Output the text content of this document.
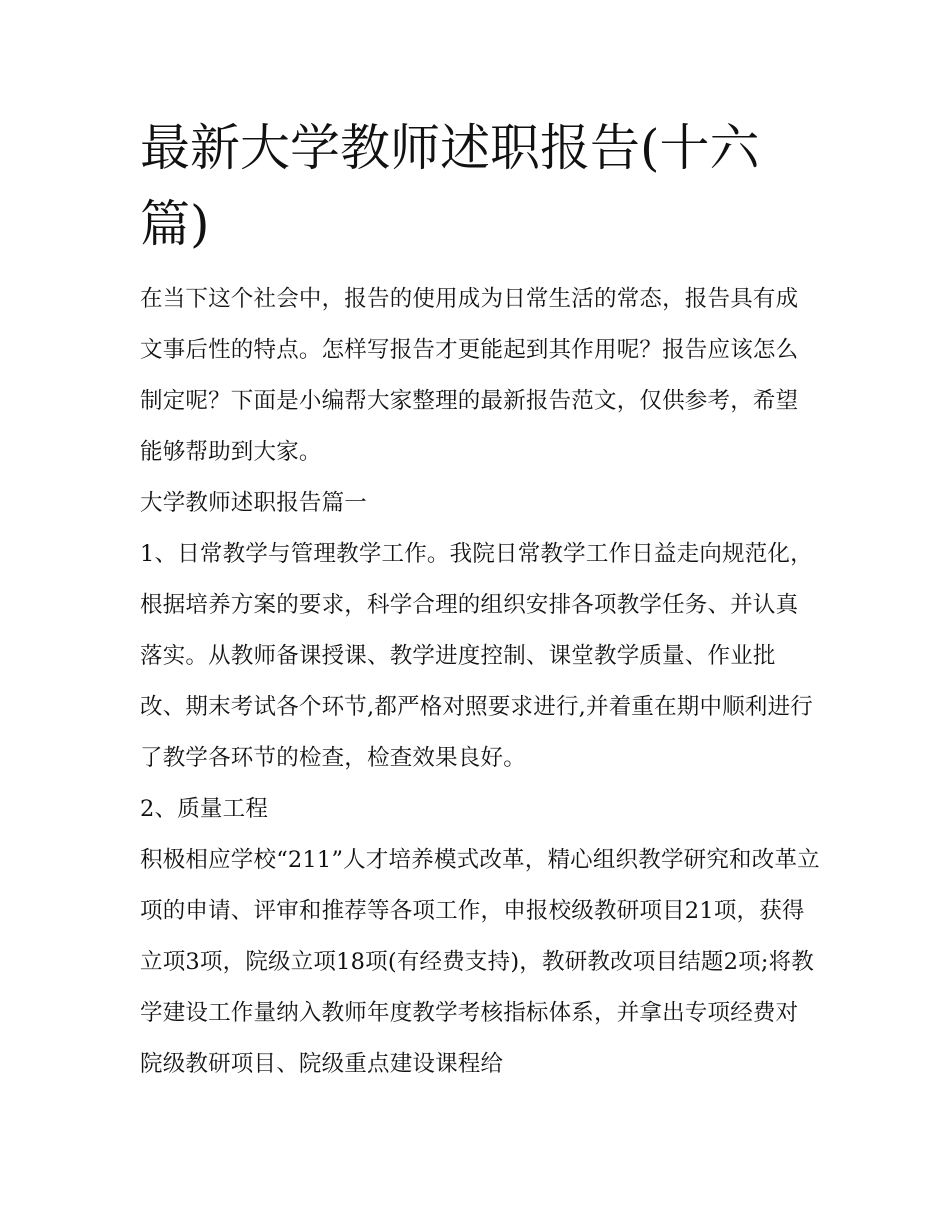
最新大学教师述职报告(十六篇)

在当下这个社会中，报告的使用成为日常生活的常态，报告具有成文事后性的特点。怎样写报告才更能起到其作用呢？报告应该怎么制定呢？下面是小编帮大家整理的最新报告范文，仅供参考，希望能够帮助到大家。

大学教师述职报告篇一

1、日常教学与管理教学工作。我院日常教学工作日益走向规范化，根据培养方案的要求，科学合理的组织安排各项教学任务、并认真落实。从教师备课授课、教学进度控制、课堂教学质量、作业批改、期末考试各个环节,都严格对照要求进行,并着重在期中顺利进行了教学各环节的检查，检查效果良好。

2、质量工程

积极相应学校“211”人才培养模式改革，精心组织教学研究和改革立项的申请、评审和推荐等各项工作，申报校级教研项目21项，获得立项3项，院级立项18项(有经费支持)，教研教改项目结题2项;将教学建设工作量纳入教师年度教学考核指标体系，并拿出专项经费对院级教研项目、院级重点建设课程给
